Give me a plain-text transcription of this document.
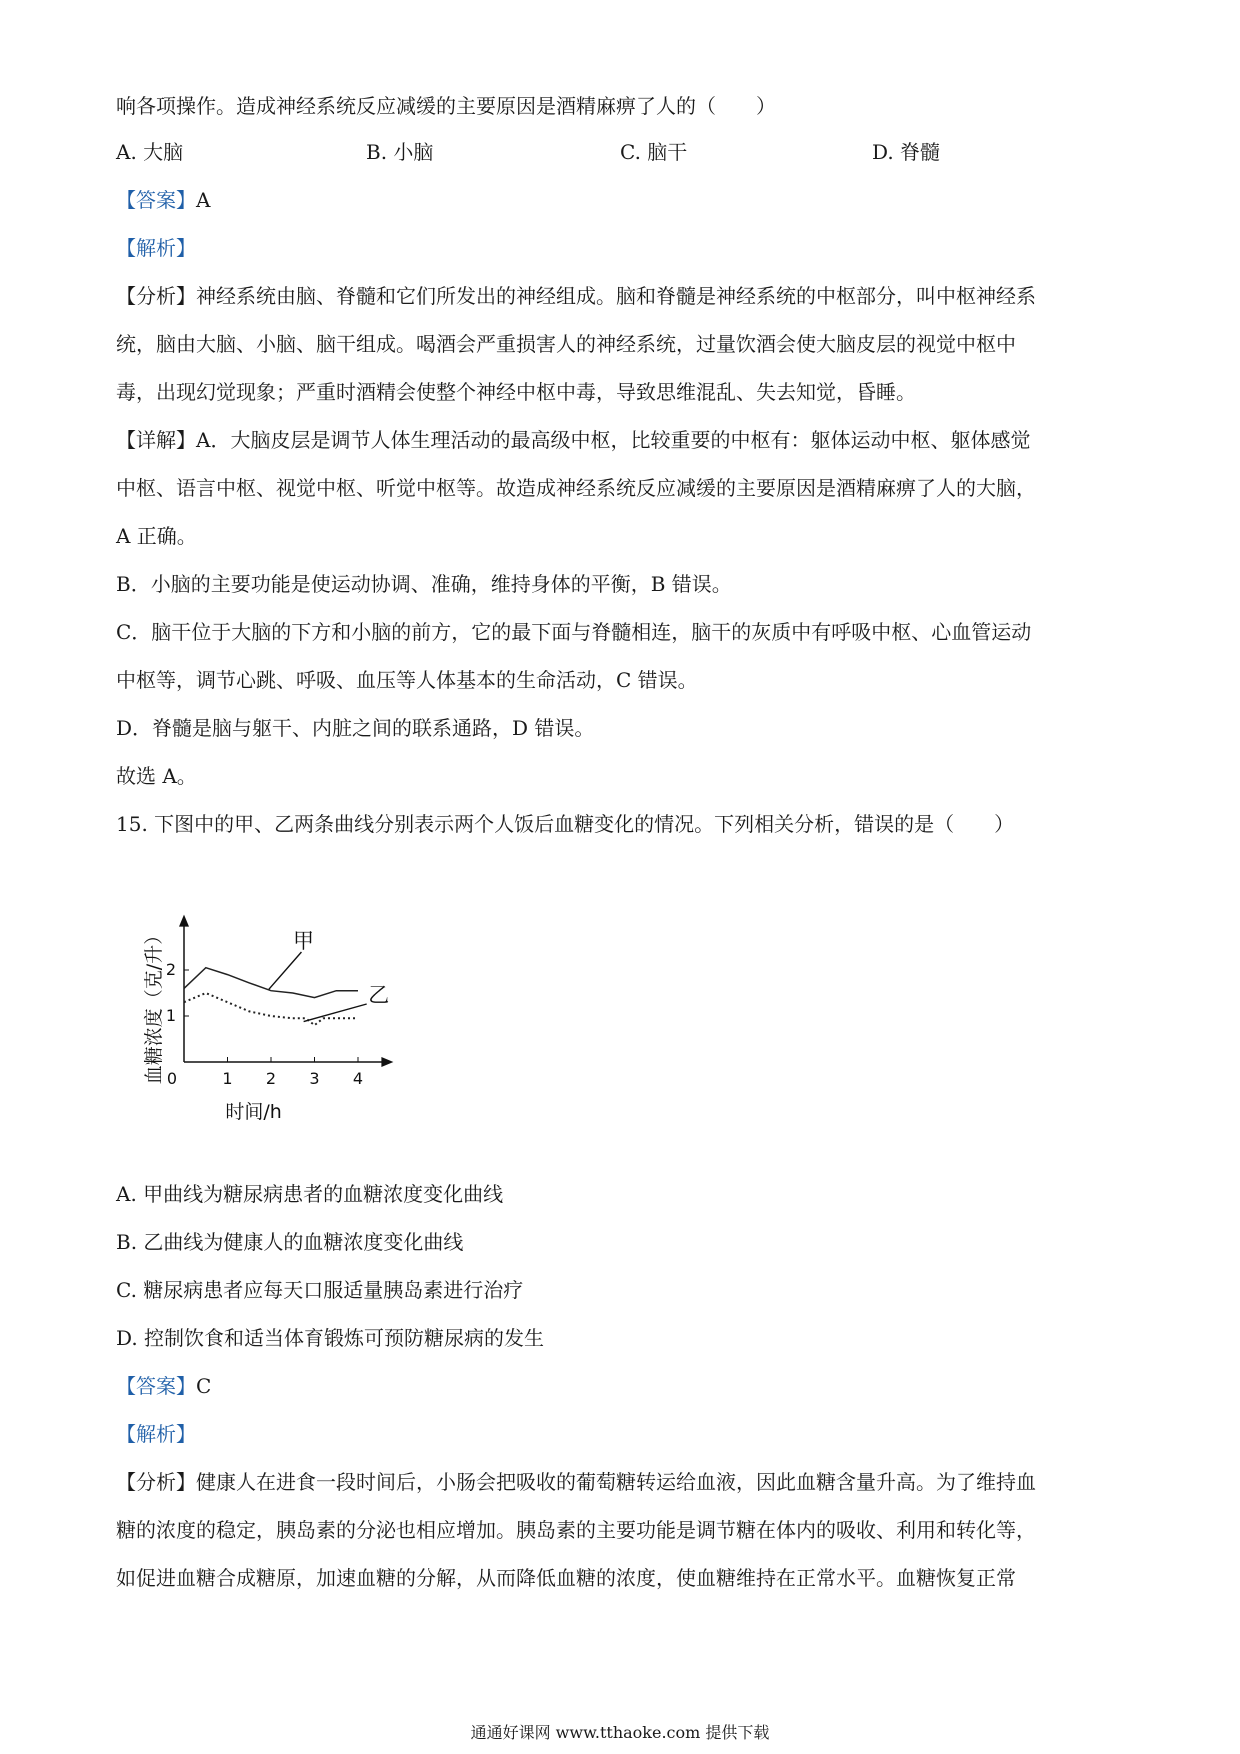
响各项操作。造成神经系统反应减缓的主要原因是酒精麻痹了人的（　　）
A. 大脑	B. 小脑	C. 脑干	D. 脊髓
【答案】A
【解析】
【分析】神经系统由脑、脊髓和它们所发出的神经组成。脑和脊髓是神经系统的中枢部分，叫中枢神经系
统，脑由大脑、小脑、脑干组成。喝酒会严重损害人的神经系统，过量饮酒会使大脑皮层的视觉中枢中
毒，出现幻觉现象；严重时酒精会使整个神经中枢中毒，导致思维混乱、失去知觉，昏睡。
【详解】A．大脑皮层是调节人体生理活动的最高级中枢，比较重要的中枢有：躯体运动中枢、躯体感觉
中枢、语言中枢、视觉中枢、听觉中枢等。故造成神经系统反应减缓的主要原因是酒精麻痹了人的大脑，
A 正确。
B．小脑的主要功能是使运动协调、准确，维持身体的平衡，B 错误。
C．脑干位于大脑的下方和小脑的前方，它的最下面与脊髓相连，脑干的灰质中有呼吸中枢、心血管运动
中枢等，调节心跳、呼吸、血压等人体基本的生命活动，C 错误。
D．脊髓是脑与躯干、内脏之间的联系通路，D 错误。
故选 A。
15. 下图中的甲、乙两条曲线分别表示两个人饭后血糖变化的情况。下列相关分析，错误的是（　　）
0	1 2 3 4
1
2
甲
乙
血糖浓度（克/升）
时间/h
A. 甲曲线为糖尿病患者的血糖浓度变化曲线
B. 乙曲线为健康人的血糖浓度变化曲线
C. 糖尿病患者应每天口服适量胰岛素进行治疗
D. 控制饮食和适当体育锻炼可预防糖尿病的发生
【答案】C
【解析】
【分析】健康人在进食一段时间后，小肠会把吸收的葡萄糖转运给血液，因此血糖含量升高。为了维持血
糖的浓度的稳定，胰岛素的分泌也相应增加。胰岛素的主要功能是调节糖在体内的吸收、利用和转化等，
如促进血糖合成糖原，加速血糖的分解，从而降低血糖的浓度，使血糖维持在正常水平。血糖恢复正常
通通好课网 www.tthaoke.com 提供下载
